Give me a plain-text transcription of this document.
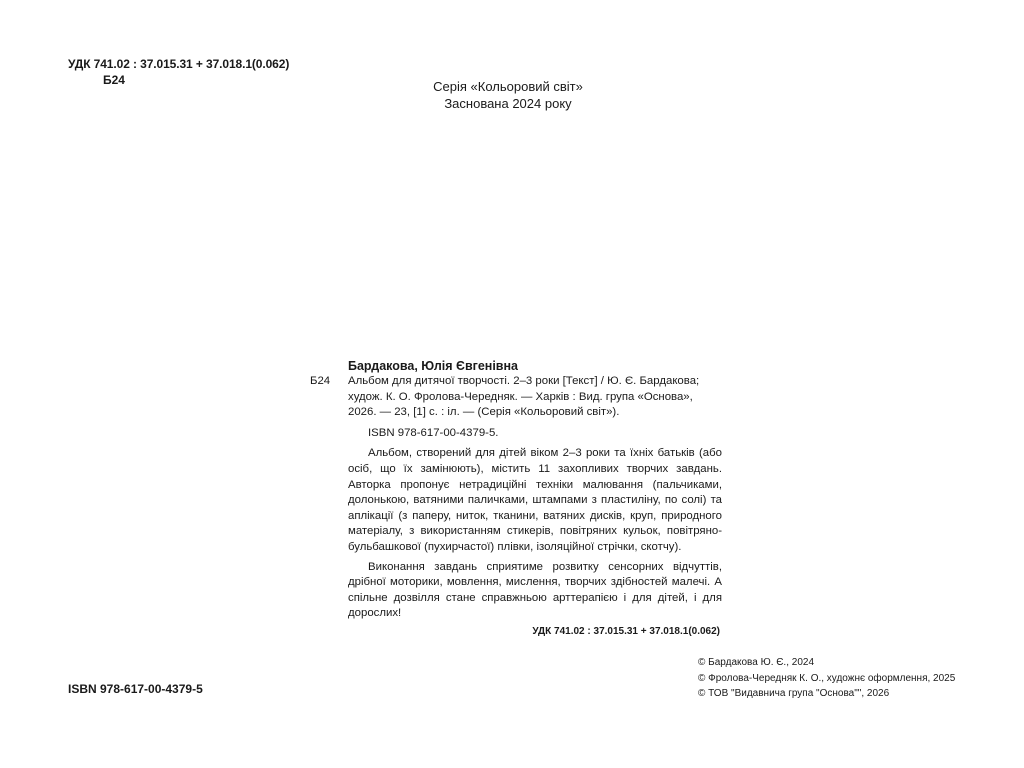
УДК 741.02 : 37.015.31 + 37.018.1(0.062)
Б24	Серія «Кольоровий світ»
Заснована 2024 року
Бардакова, Юлія Євгенівна
Б24 Альбом для дитячої творчості. 2–3 роки [Текст] / Ю. Є. Бардакова; худож. К. О. Фролова-Чередняк. — Харків : Вид. група «Основа», 2026. — 23, [1] с. : іл. — (Серія «Кольоровий світ»).
ISBN 978-617-00-4379-5.
Альбом, створений для дітей віком 2–3 роки та їхніх батьків (або осіб, що їх замінюють), містить 11 захопливих творчих завдань. Авторка пропонує нетрадиційні техніки малювання (пальчиками, долонькою, ватяними паличками, штампами з пластиліну, по солі) та аплікації (з паперу, ниток, тканини, ватяних дисків, круп, природного матеріалу, з використанням стикерів, повітряних кульок, повітряно-бульбашкової (пухирчастої) плівки, ізоляційної стрічки, скотчу).
Виконання завдань сприятиме розвитку сенсорних відчуттів, дрібної моторики, мовлення, мислення, творчих здібностей малечі. А спільне дозвілля стане справжньою арттерапією і для дітей, і для дорослих!
УДК 741.02 : 37.015.31 + 37.018.1(0.062)
ISBN 978-617-00-4379-5
© Бардакова Ю. Є., 2024
© Фролова-Чередняк К. О., художнє оформлення, 2025
© ТОВ "Видавнича група "Основа"", 2026
